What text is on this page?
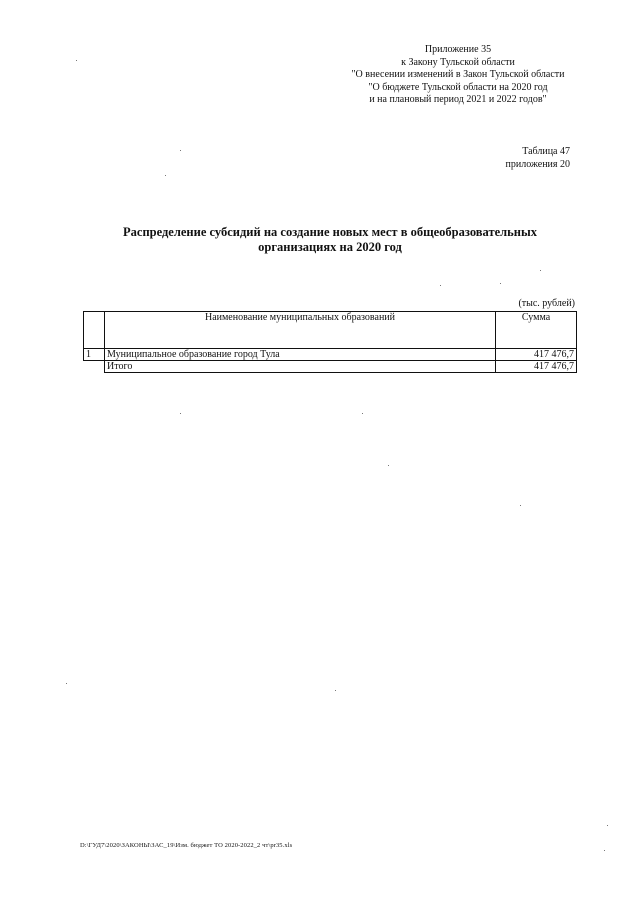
Приложение 35
к Закону Тульской области
"О внесении изменений в Закон Тульской области
"О бюджете Тульской области на 2020 год
и на плановый период 2021 и 2022 годов"
Таблица 47
приложения 20
Распределение субсидий на создание новых мест в общеобразовательных
организациях на 2020 год
(тыс. рублей)
	Наименование муниципальных образований	Сумма
1	Муниципальное образование город Тула	417 476,7
	Итого	417 476,7
D:\ГУД7\2020\ЗАКОНЫ\ЗАС_19\Изм. бюджет ТО 2020-2022_2 чт\pr35.xls
